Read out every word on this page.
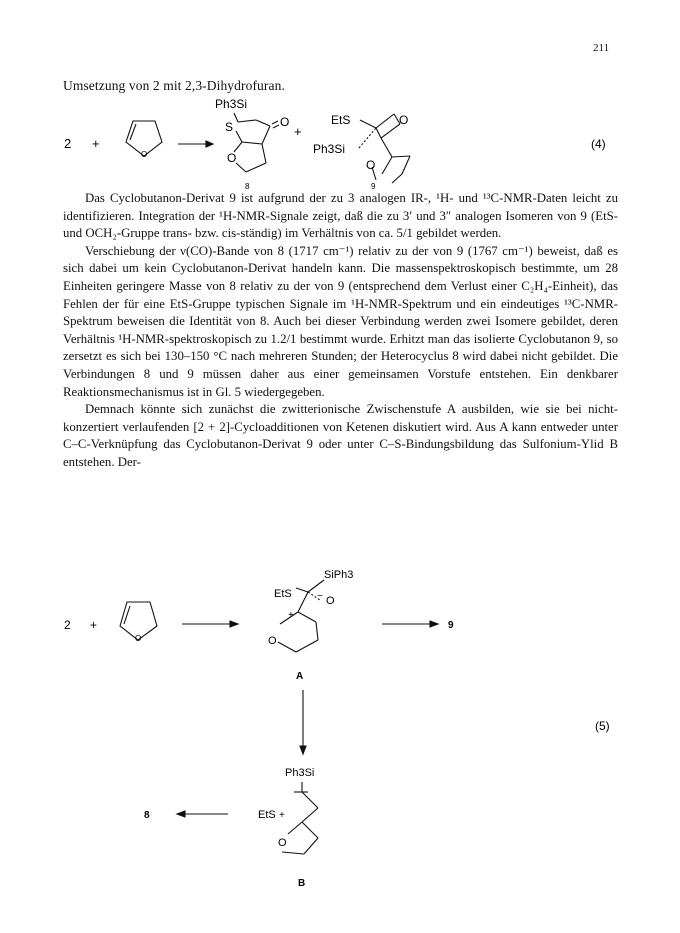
211
Umsetzung von 2 mit 2,3-Dihydrofuran.
2 +
O
Ph3Si
S	O
O
+
EtS	O
Ph3Si
O
8	9
(4)

Das Cyclobutanon-Derivat 9 ist aufgrund der zu 3 analogen IR-, ¹H- und ¹³C-NMR-Daten leicht zu identifizieren. Integration der ¹H-NMR-Signale zeigt, daß die zu 3′ und 3″ analogen Isomeren von 9 (EtS- und OCH₂-Gruppe trans- bzw. cis-ständig) im Verhältnis von ca. 5/1 gebildet werden.

Verschiebung der ν(CO)-Bande von 8 (1717 cm⁻¹) relativ zu der von 9 (1767 cm⁻¹) beweist, daß es sich dabei um kein Cyclobutanon-Derivat handeln kann. Die massenspektroskopisch bestimmte, um 28 Einheiten geringere Masse von 8 relativ zu der von 9 (entsprechend dem Verlust einer C₂H₄-Einheit), das Fehlen der für eine EtS-Gruppe typischen Signale im ¹H-NMR-Spektrum und ein eindeutiges ¹³C-NMR-Spektrum beweisen die Identität von 8. Auch bei dieser Verbindung werden zwei Isomere gebildet, deren Verhältnis ¹H-NMR-spektroskopisch zu 1.2/1 bestimmt wurde. Erhitzt man das isolierte Cyclobutanon 9, so zersetzt es sich bei 130–150 °C nach mehreren Stunden; der Heterocyclus 8 wird dabei nicht gebildet. Die Verbindungen 8 und 9 müssen daher aus einer gemeinsamen Vorstufe entstehen. Ein denkbarer Reaktionsmechanismus ist in Gl. 5 wiedergegeben.

Demnach könnte sich zunächst die zwitterionische Zwischenstufe A ausbilden, wie sie bei nicht-konzertiert verlaufenden [2 + 2]-Cycloadditionen von Ketenen diskutiert wird. Aus A kann entweder unter C–C-Verknüpfung das Cyclobutanon-Derivat 9 oder unter C–S-Bindungsbildung das Sulfonium-Ylid B entstehen. Der-

2 +
O
SiPh3
EtS	− O
+
O
A
9
Ph3Si
EtS +
O
B
8
(5)
